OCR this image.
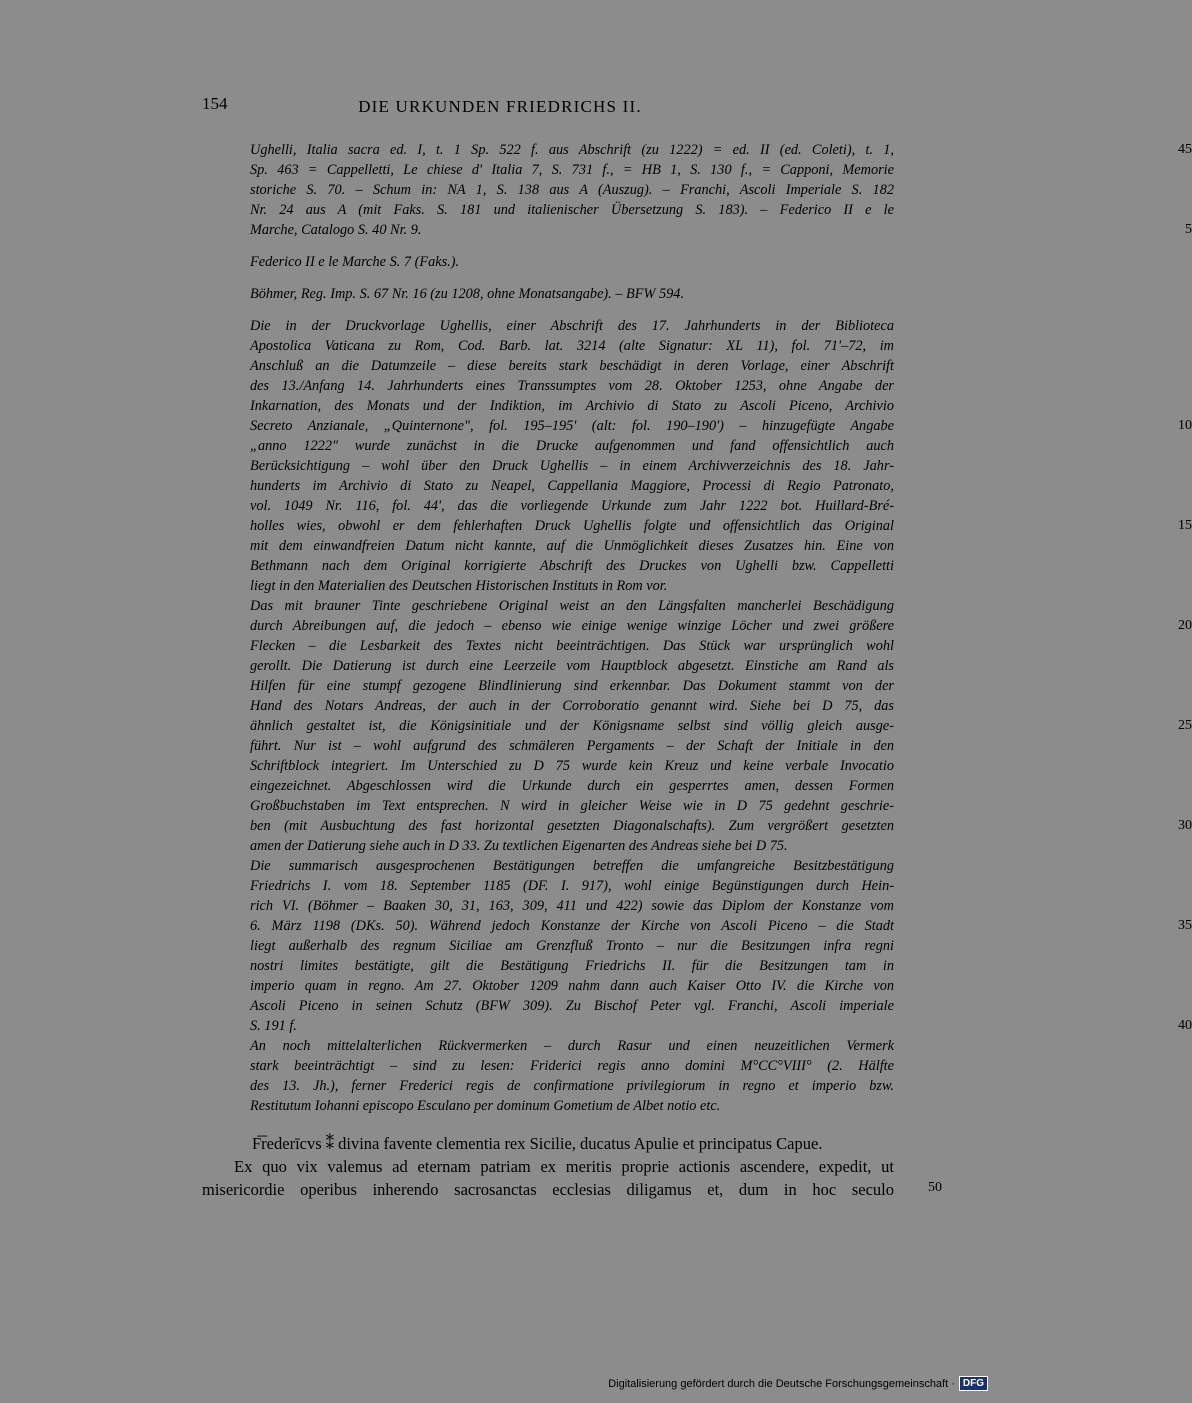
154	DIE URKUNDEN FRIEDRICHS II.
Ughelli, Italia sacra ed. I, t. 1 Sp. 522 f. aus Abschrift (zu 1222) = ed. II (ed. Coleti), t. 1,
Sp. 463 = Cappelletti, Le chiese d' Italia 7, S. 731 f., = HB 1, S. 130 f., = Capponi, Memorie
storiche S. 70. – Schum in: NA 1, S. 138 aus A (Auszug). – Franchi, Ascoli Imperiale S. 182
Nr. 24 aus A (mit Faks. S. 181 und italienischer Übersetzung S. 183). – Federico II e le
Marche, Catalogo S. 40 Nr. 9.
Federico II e le Marche S. 7 (Faks.).
Böhmer, Reg. Imp. S. 67 Nr. 16 (zu 1208, ohne Monatsangabe). – BFW 594.
Die in der Druckvorlage Ughellis, einer Abschrift des 17. Jahrhunderts in der Biblioteca
Apostolica Vaticana zu Rom, Cod. Barb. lat. 3214 (alte Signatur: XL 11), fol. 71'–72, im
Anschluß an die Datumzeile – diese bereits stark beschädigt in deren Vorlage, einer Abschrift
des 13./Anfang 14. Jahrhunderts eines Transsumptes vom 28. Oktober 1253, ohne Angabe der
Inkarnation, des Monats und der Indiktion, im Archivio di Stato zu Ascoli Piceno, Archivio
Secreto Anzianale, „Quinternone", fol. 195–195' (alt: fol. 190–190') – hinzugefügte Angabe
„anno 1222" wurde zunächst in die Drucke aufgenommen und fand offensichtlich auch
Berücksichtigung – wohl über den Druck Ughellis – in einem Archivverzeichnis des 18. Jahr-
hunderts im Archivio di Stato zu Neapel, Cappellania Maggiore, Processi di Regio Patronato,
vol. 1049 Nr. 116, fol. 44', das die vorliegende Urkunde zum Jahr 1222 bot. Huillard-Bré-
holles wies, obwohl er dem fehlerhaften Druck Ughellis folgte und offensichtlich das Original
mit dem einwandfreien Datum nicht kannte, auf die Unmöglichkeit dieses Zusatzes hin. Eine von
Bethmann nach dem Original korrigierte Abschrift des Druckes von Ughelli bzw. Cappelletti
liegt in den Materialien des Deutschen Historischen Instituts in Rom vor.
Das mit brauner Tinte geschriebene Original weist an den Längsfalten mancherlei Beschädigung
durch Abreibungen auf, die jedoch – ebenso wie einige wenige winzige Löcher und zwei größere
Flecken – die Lesbarkeit des Textes nicht beeinträchtigen. Das Stück war ursprünglich wohl
gerollt. Die Datierung ist durch eine Leerzeile vom Hauptblock abgesetzt. Einstiche am Rand als
Hilfen für eine stumpf gezogene Blindlinierung sind erkennbar. Das Dokument stammt von der
Hand des Notars Andreas, der auch in der Corroboratio genannt wird. Siehe bei D 75, das
ähnlich gestaltet ist, die Königsinitiale und der Königsname selbst sind völlig gleich ausge-
führt. Nur ist – wohl aufgrund des schmäleren Pergaments – der Schaft der Initiale in den
Schriftblock integriert. Im Unterschied zu D 75 wurde kein Kreuz und keine verbale Invocatio
eingezeichnet. Abgeschlossen wird die Urkunde durch ein gesperrtes amen, dessen Formen
Großbuchstaben im Text entsprechen. N wird in gleicher Weise wie in D 75 gedehnt geschrie-
ben (mit Ausbuchtung des fast horizontal gesetzten Diagonalschafts). Zum vergrößert gesetzten
amen der Datierung siehe auch in D 33. Zu textlichen Eigenarten des Andreas siehe bei D 75.
Die summarisch ausgesprochenen Bestätigungen betreffen die umfangreiche Besitzbestätigung
Friedrichs I. vom 18. September 1185 (DF. I. 917), wohl einige Begünstigungen durch Hein-
rich VI. (Böhmer – Baaken 30, 31, 163, 309, 411 und 422) sowie das Diplom der Konstanze vom
6. März 1198 (DKs. 50). Während jedoch Konstanze der Kirche von Ascoli Piceno – die Stadt
liegt außerhalb des regnum Siciliae am Grenzfluß Tronto – nur die Besitzungen infra regni
nostri limites bestätigte, gilt die Bestätigung Friedrichs II. für die Besitzungen tam in
imperio quam in regno. Am 27. Oktober 1209 nahm dann auch Kaiser Otto IV. die Kirche von
Ascoli Piceno in seinen Schutz (BFW 309). Zu Bischof Peter vgl. Franchi, Ascoli imperiale
S. 191 f.
An noch mittelalterlichen Rückvermerken – durch Rasur und einen neuzeitlichen Vermerk
stark beeinträchtigt – sind zu lesen: Friderici regis anno domini M°CC°VIII° (2. Hälfte
des 13. Jh.), ferner Frederici regis de confirmatione privilegiorum in regno et imperio bzw.
Restitutum Iohanni episcopo Esculano per dominum Gometium de Albet notio etc.
5
10
15
20
25
30
35
40
45
F͞rederīcvs ⁑ divina favente clementia rex Sicilie, ducatus Apulie et principatus Capue.
Ex quo vix valemus ad eternam patriam ex meritis proprie actionis ascendere, expedit, ut
misericordie operibus inherendo sacrosanctas ecclesias diligamus et, dum in hoc seculo	50
Digitalisierung gefördert durch die Deutsche Forschungsgemeinschaft · DFG
